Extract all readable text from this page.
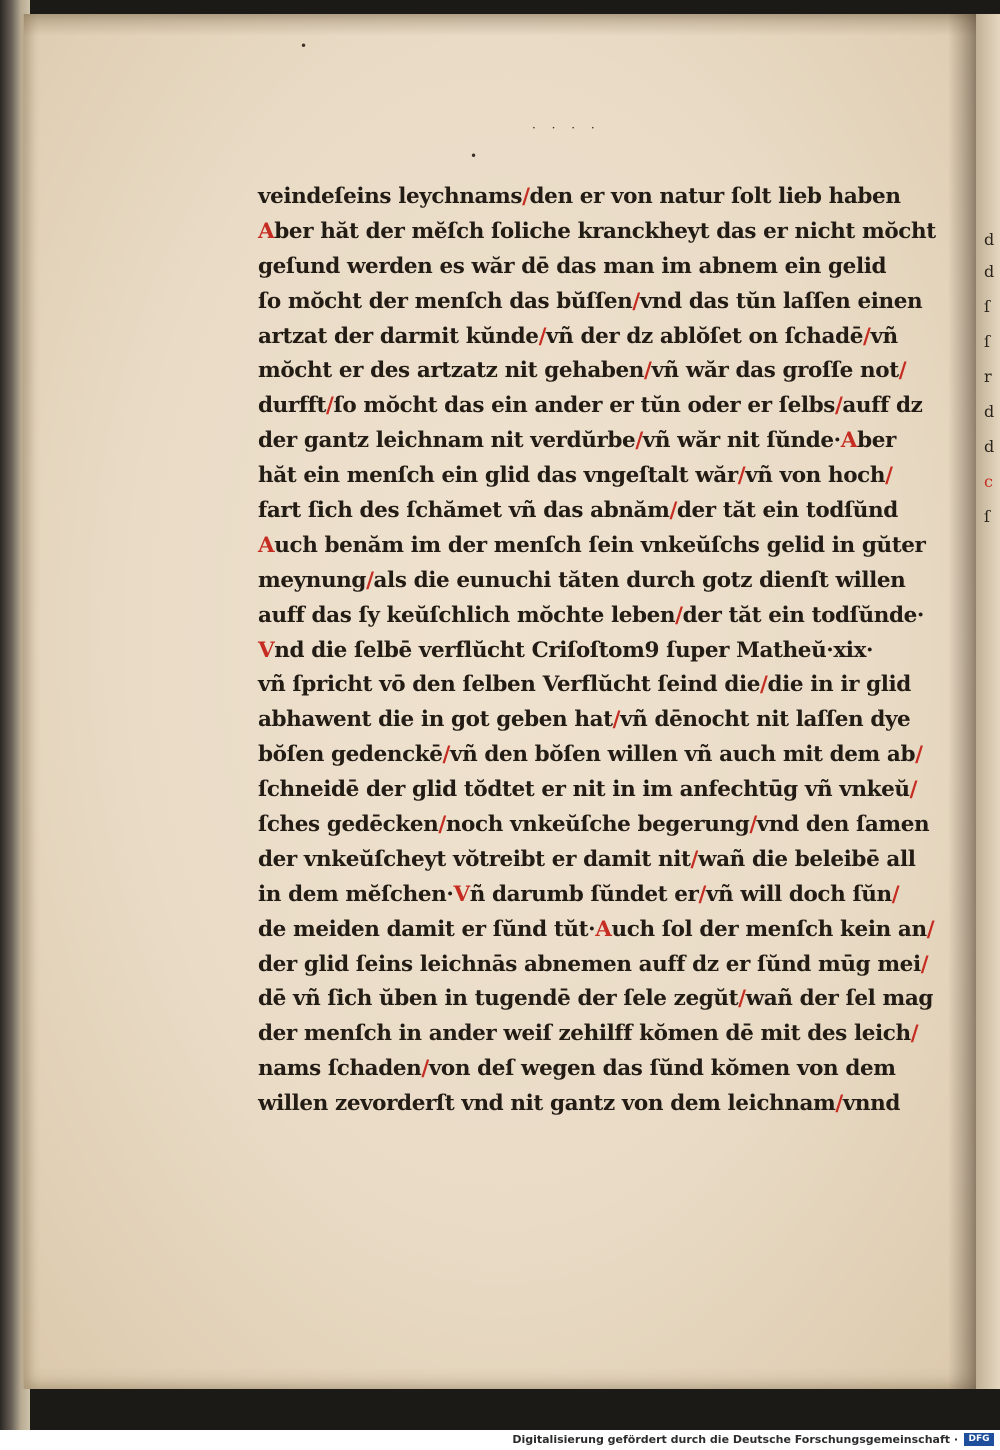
•
•
· · · ·
d
d
ſ
ſ
r
d
d
c
ſ
veindeſeins leychnams/den er von natur ſolt lieb haben
Aber hăt der mĕſch ſoliche kranckheyt das er nicht mŏcht
geſund werden es wăr dē das man im abnem ein gelid
ſo mŏcht der menſch das bŭſſen/vnd das tŭn laſſen einen
artzat der darmit kŭnde/vñ der dz ablŏſet on ſchadē/vñ
mŏcht er des artzatz nit gehaben/vñ wăr das groſſe not/
durfft/ſo mŏcht das ein ander er tŭn oder er ſelbs/auff dz
der gantz leichnam nit verdŭrbe/vñ wăr nit ſŭnde·Aber
hăt ein menſch ein glid das vngeſtalt wăr/vñ von hoch/
fart ſich des ſchămet vñ das abnăm/der tăt ein todſŭnd
Auch benăm im der menſch ſein vnkeŭſchs gelid in gŭter
meynung/als die eunuchi tăten durch gotz dienſt willen
auff das ſy keŭſchlich mŏchte leben/der tăt ein todſŭnde·
Vnd die ſelbē verflŭcht Criſoſtom9 ſuper Matheŭ·xix·
vñ ſpricht vō den ſelben Verflŭcht ſeind die/die in ir glid
abhawent die in got geben hat/vñ dēnocht nit laſſen dye
bŏſen gedenckē/vñ den bŏſen willen vñ auch mit dem ab/
ſchneidē der glid tŏdtet er nit in im anfechtūg vñ vnkeŭ/
ſches gedēcken/noch vnkeŭſche begerung/vnd den ſamen
der vnkeŭſcheyt vŏtreibt er damit nit/wañ die beleibē all
in dem mĕſchen·Vñ darumb ſŭndet er/vñ will doch ſŭn/
de meiden damit er ſŭnd tŭt·Auch ſol der menſch kein an/
der glid ſeins leichnās abnemen auff dz er ſŭnd mūg mei/
dē vñ ſich ŭben in tugendē der ſele zegŭt/wañ der ſel mag
der menſch in ander weiſ zehilff kŏmen dē mit des leich/
nams ſchaden/von deſ wegen das ſŭnd kŏmen von dem
willen zevorderſt vnd nit gantz von dem leichnam/vnnd
Digitalisierung gefördert durch die Deutsche Forschungsgemeinschaft ·	DFG
